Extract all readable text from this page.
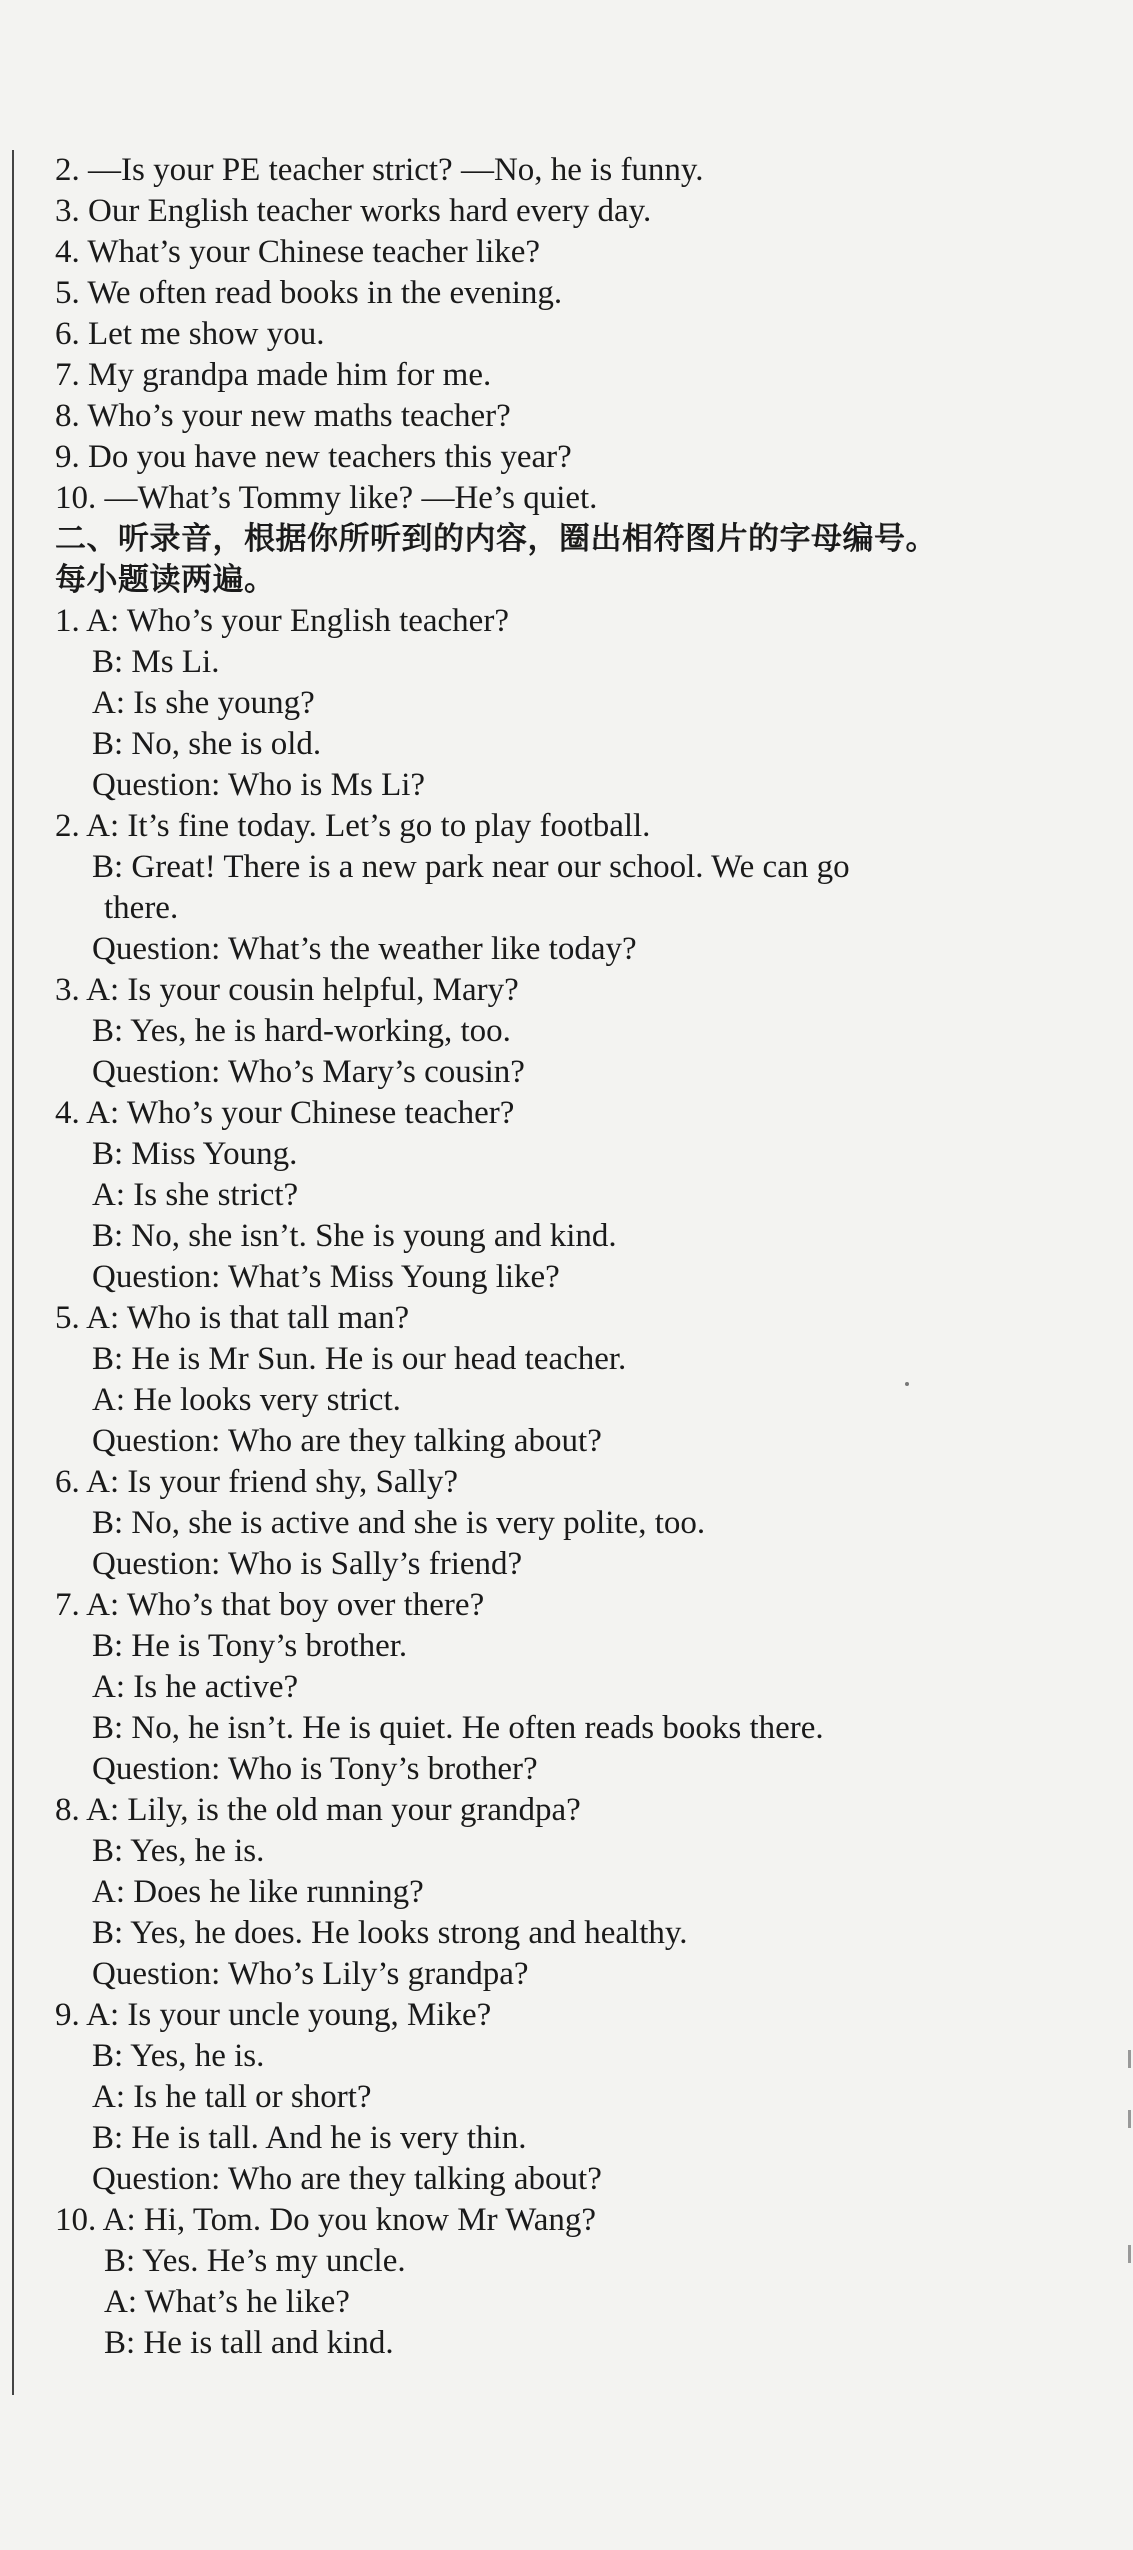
2. —Is your PE teacher strict? —No, he is funny.
3. Our English teacher works hard every day.
4. What’s your Chinese teacher like?
5. We often read books in the evening.
6. Let me show you.
7. My grandpa made him for me.
8. Who’s your new maths teacher?
9. Do you have new teachers this year?
10. —What’s Tommy like? —He’s quiet.
二、听录音，根据你所听到的内容，圈出相符图片的字母编号。
每小题读两遍。
1. A: Who’s your English teacher?
B: Ms Li.
A: Is she young?
B: No, she is old.
Question: Who is Ms Li?
2. A: It’s fine today. Let’s go to play football.
B: Great! There is a new park near our school. We can go
there.
Question: What’s the weather like today?
3. A: Is your cousin helpful, Mary?
B: Yes, he is hard-working, too.
Question: Who’s Mary’s cousin?
4. A: Who’s your Chinese teacher?
B: Miss Young.
A: Is she strict?
B: No, she isn’t. She is young and kind.
Question: What’s Miss Young like?
5. A: Who is that tall man?
B: He is Mr Sun. He is our head teacher.
A: He looks very strict.
Question: Who are they talking about?
6. A: Is your friend shy, Sally?
B: No, she is active and she is very polite, too.
Question: Who is Sally’s friend?
7. A: Who’s that boy over there?
B: He is Tony’s brother.
A: Is he active?
B: No, he isn’t. He is quiet. He often reads books there.
Question: Who is Tony’s brother?
8. A: Lily, is the old man your grandpa?
B: Yes, he is.
A: Does he like running?
B: Yes, he does. He looks strong and healthy.
Question: Who’s Lily’s grandpa?
9. A: Is your uncle young, Mike?
B: Yes, he is.
A: Is he tall or short?
B: He is tall. And he is very thin.
Question: Who are they talking about?
10. A: Hi, Tom. Do you know Mr Wang?
B: Yes. He’s my uncle.
A: What’s he like?
B: He is tall and kind.
